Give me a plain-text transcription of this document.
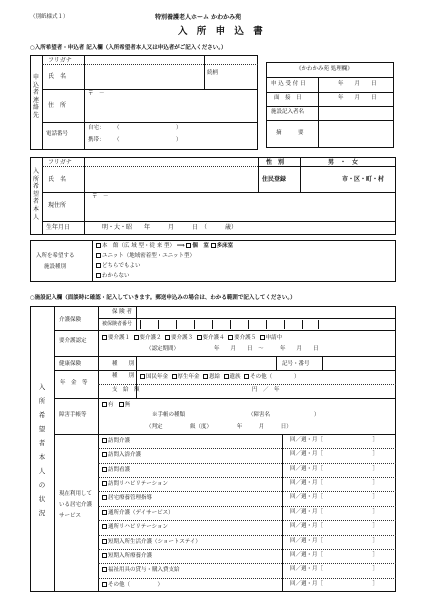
（別紙様式１）	特別養護老人ホーム かわかみ苑
入 所 申 込 書
○入所希望者・申込者 記入欄（入所希望者本人又は申込者がご記入ください。）
申込者連絡先
フリガナ
氏　名	続柄
住　所
〒　－
電話番号
自宅： （	）
携帯： （	）
《かわかみ苑 処理欄》
申 込 受 付 日	年　　月　　日
面　接　日	年　　月　　日
施設記入者名
摘　　　要
入所希望者本人
フリガナ	性　別	男　・　女
氏　名	住民登録	市・区・町・村
現住所
〒　－
生年月日	明・大・昭　　年　　　月　　　日　（　　　歳）
入所を希望する
施設種別
本　館（広 域 型・従 来 型） ⟹ 個　室 多床室
ユニット（地域密着型・ユニット型）
どちらでもよい
わからない
○施設記入欄（面談時に確認・記入していきます。郵送申込みの場合は、わかる範囲で記入してください。）
入所希望者本人の状況
介護保険
保 険 者
被保険者番号
要介護認定	要介護１ 要介護２ 要介護３ 要介護４ 要介護５ 申請中
（認定期間）	年　　月　　日　～　　　年　　月　　日
健康保険	種　　別	記号・番号
年　金　等
種　　別	国民年金 厚生年金 恩給 遺族 その他（　　　　）
支　給　額	円　／　年
障害手帳等
有 無
※手帳の種類	（障害名　　　　　　　　）
（判定　　　　　級（度）　　　　　年　　　月　　　日）
現在利用して
いる居宅介護
サービス
訪問介護	回／週・月［　　　　　　　　　］
訪問入浴介護	回／週・月［　　　　　　　　　］
訪問看護	回／週・月［　　　　　　　　　］
訪問リハビリテーション	回／週・月［　　　　　　　　　］
居宅療養管理指導	回／週・月［　　　　　　　　　］
通所介護（デイサービス）	回／週・月［　　　　　　　　　］
通所リハビリテーション	回／週・月［　　　　　　　　　］
短期入所生活介護（ショートステイ）	回／週・月［　　　　　　　　　］
短期入所療養介護	回／週・月［　　　　　　　　　］
福祉用具の貸与・購入費支給	回／週・月［　　　　　　　　　］
その他（　　　　　）	回／週・月［　　　　　　　　　］
